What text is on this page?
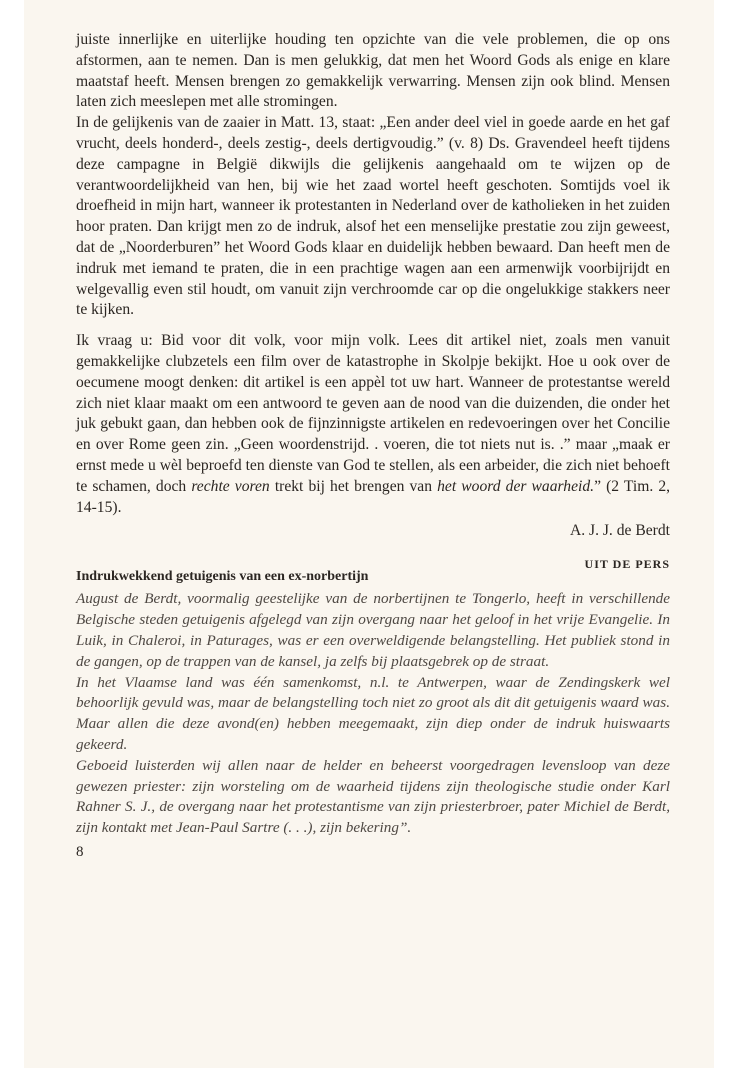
juiste innerlijke en uiterlijke houding ten opzichte van die vele problemen, die op ons afstormen, aan te nemen. Dan is men gelukkig, dat men het Woord Gods als enige en klare maatstaf heeft. Mensen brengen zo gemakkelijk verwarring. Mensen zijn ook blind. Mensen laten zich meeslepen met alle stromingen.

In de gelijkenis van de zaaier in Matt. 13, staat: „Een ander deel viel in goede aarde en het gaf vrucht, deels honderd-, deels zestig-, deels dertigvoudig.” (v. 8) Ds. Gravendeel heeft tijdens deze campagne in België dikwijls die gelijkenis aangehaald om te wijzen op de verantwoordelijkheid van hen, bij wie het zaad wortel heeft geschoten. Somtijds voel ik droefheid in mijn hart, wanneer ik protestanten in Nederland over de katholieken in het zuiden hoor praten. Dan krijgt men zo de indruk, alsof het een menselijke prestatie zou zijn geweest, dat de „Noorderburen” het Woord Gods klaar en duidelijk hebben bewaard. Dan heeft men de indruk met iemand te praten, die in een prachtige wagen aan een armenwijk voorbijrijdt en welgevallig even stil houdt, om vanuit zijn verchroomde car op die ongelukkige stakkers neer te kijken.

Ik vraag u: Bid voor dit volk, voor mijn volk. Lees dit artikel niet, zoals men vanuit gemakkelijke clubzetels een film over de katastrophe in Skolpje bekijkt. Hoe u ook over de oecumene moogt denken: dit artikel is een appèl tot uw hart. Wanneer de protestantse wereld zich niet klaar maakt om een antwoord te geven aan de nood van die duizenden, die onder het juk gebukt gaan, dan hebben ook de fijnzinnigste artikelen en redevoeringen over het Concilie en over Rome geen zin. „Geen woordenstrijd. . voeren, die tot niets nut is. .” maar „maak er ernst mede u wèl beproefd ten dienste van God te stellen, als een arbeider, die zich niet behoeft te schamen, doch rechte voren trekt bij het brengen van het woord der waarheid.” (2 Tim. 2, 14-15).

A. J. J. de Berdt

UIT DE PERS
Indrukwekkend getuigenis van een ex-norbertijn

August de Berdt, voormalig geestelijke van de norbertijnen te Tongerlo, heeft in verschillende Belgische steden getuigenis afgelegd van zijn overgang naar het geloof in het vrije Evangelie. In Luik, in Chaleroi, in Paturages, was er een overweldigende belangstelling. Het publiek stond in de gangen, op de trappen van de kansel, ja zelfs bij plaatsgebrek op de straat.

In het Vlaamse land was één samenkomst, n.l. te Antwerpen, waar de Zendingskerk wel behoorlijk gevuld was, maar de belangstelling toch niet zo groot als dit dit getuigenis waard was. Maar allen die deze avond(en) hebben meegemaakt, zijn diep onder de indruk huiswaarts gekeerd.

Geboeid luisterden wij allen naar de helder en beheerst voorgedragen levensloop van deze gewezen priester: zijn worsteling om de waarheid tijdens zijn theologische studie onder Karl Rahner S. J., de overgang naar het protestantisme van zijn priesterbroer, pater Michiel de Berdt, zijn kontakt met Jean-Paul Sartre (. . .), zijn bekering”.

8
